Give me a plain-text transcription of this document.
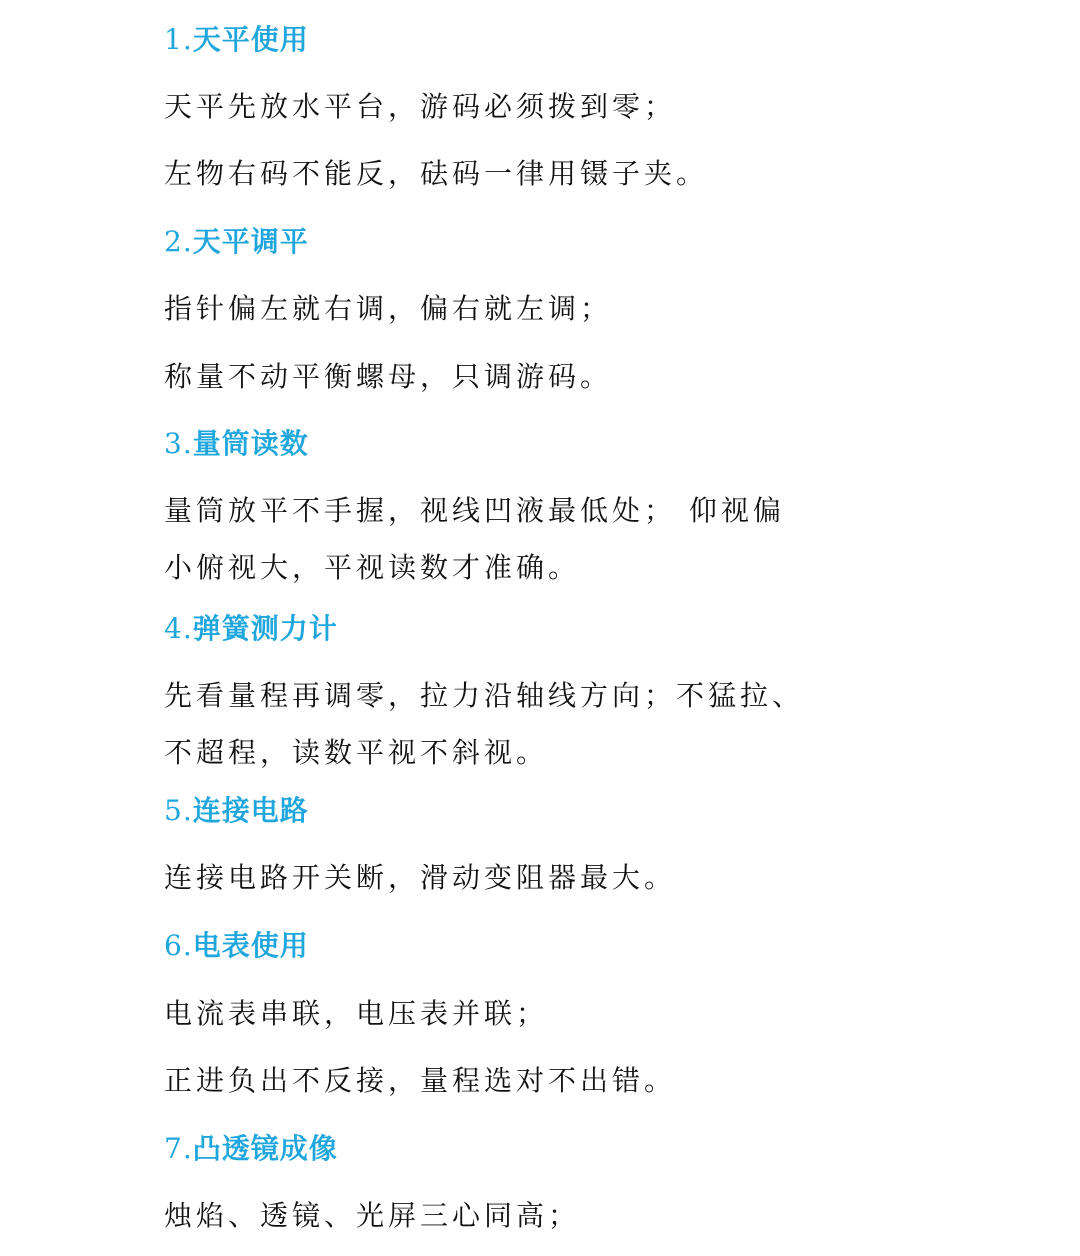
1.天平使用
天平先放水平台，游码必须拨到零；
左物右码不能反，砝码一律用镊子夹。
2.天平调平
指针偏左就右调，偏右就左调；
称量不动平衡螺母，只调游码。
3.量筒读数
量筒放平不手握，视线凹液最低处； 仰视偏
小俯视大，平视读数才准确。
4.弹簧测力计
先看量程再调零，拉力沿轴线方向；不猛拉、
不超程，读数平视不斜视。
5.连接电路
连接电路开关断，滑动变阻器最大。
6.电表使用
电流表串联，电压表并联；
正进负出不反接，量程选对不出错。
7.凸透镜成像
烛焰、透镜、光屏三心同高；
